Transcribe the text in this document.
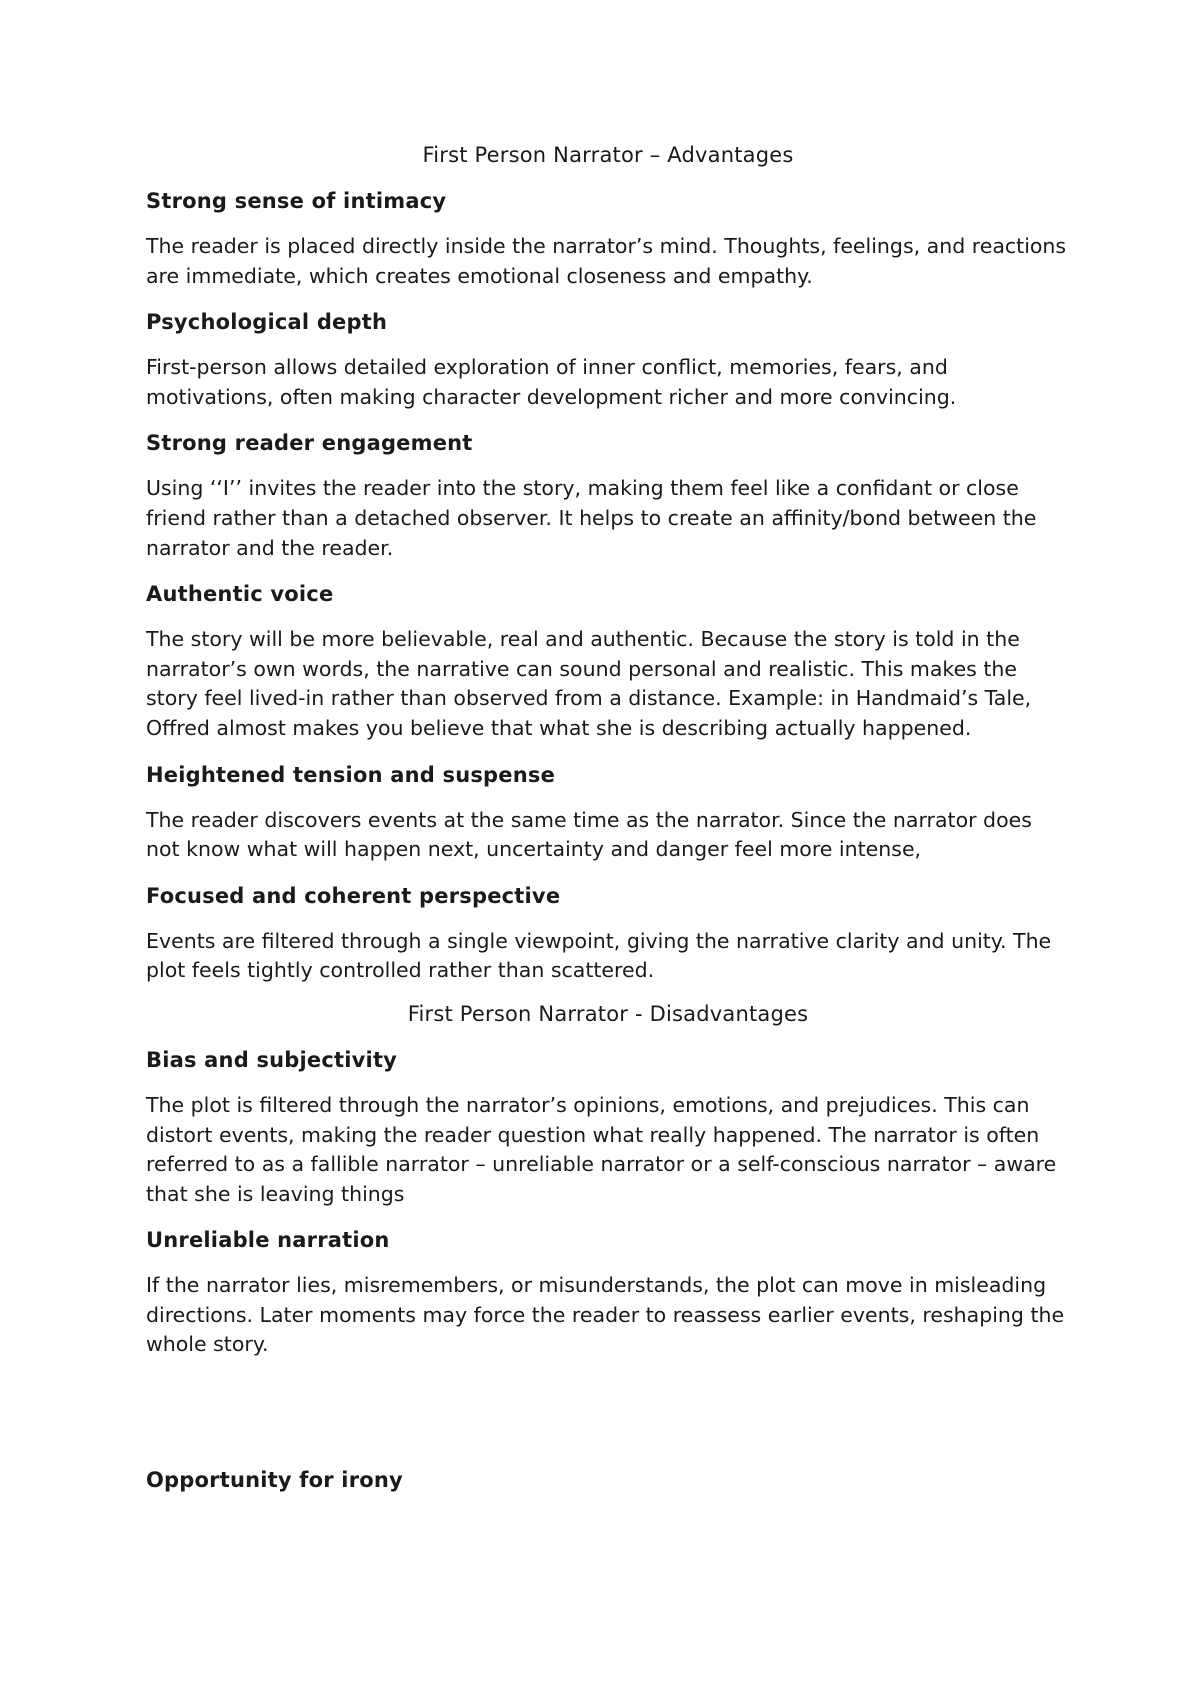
First Person Narrator – Advantages
Strong sense of intimacy

The reader is placed directly inside the narrator’s mind. Thoughts, feelings, and reactions are immediate, which creates emotional closeness and empathy.

Psychological depth

First-person allows detailed exploration of inner conflict, memories, fears, and motivations, often making character development richer and more convincing.

Strong reader engagement

Using ‘‘I’’ invites the reader into the story, making them feel like a confidant or close friend rather than a detached observer. It helps to create an affinity/bond between the narrator and the reader.

Authentic voice

The story will be more believable, real and authentic. Because the story is told in the narrator’s own words, the narrative can sound personal and realistic. This makes the story feel lived-in rather than observed from a distance. Example: in Handmaid’s Tale, Offred almost makes you believe that what she is describing actually happened.

Heightened tension and suspense

The reader discovers events at the same time as the narrator. Since the narrator does not know what will happen next, uncertainty and danger feel more intense,

Focused and coherent perspective

Events are filtered through a single viewpoint, giving the narrative clarity and unity. The plot feels tightly controlled rather than scattered.

First Person Narrator - Disadvantages
Bias and subjectivity

The plot is filtered through the narrator’s opinions, emotions, and prejudices. This can distort events, making the reader question what really happened. The narrator is often referred to as a fallible narrator – unreliable narrator or a self-conscious narrator – aware that she is leaving things

Unreliable narration

If the narrator lies, misremembers, or misunderstands, the plot can move in misleading directions. Later moments may force the reader to reassess earlier events, reshaping the whole story.

Opportunity for irony
